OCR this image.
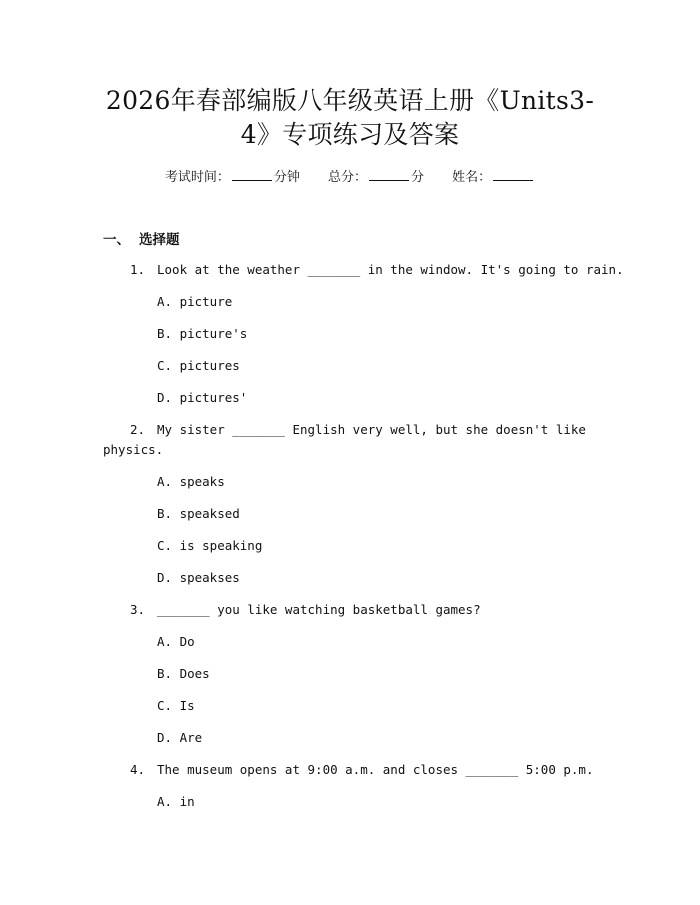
2026年春部编版八年级英语上册《Units3-
4》专项练习及答案
考试时间：	分钟 总分：	分 姓名：
一、 选择题
1. Look at the weather _______ in the window. It's going to rain.
A. picture
B. picture's
C. pictures
D. pictures'
2. My sister _______ English very well, but she doesn't like
physics.
A. speaks
B. speaksed
C. is speaking
D. speakses
3. _______ you like watching basketball games?
A. Do
B. Does
C. Is
D. Are
4. The museum opens at 9:00 a.m. and closes _______ 5:00 p.m.
A. in
